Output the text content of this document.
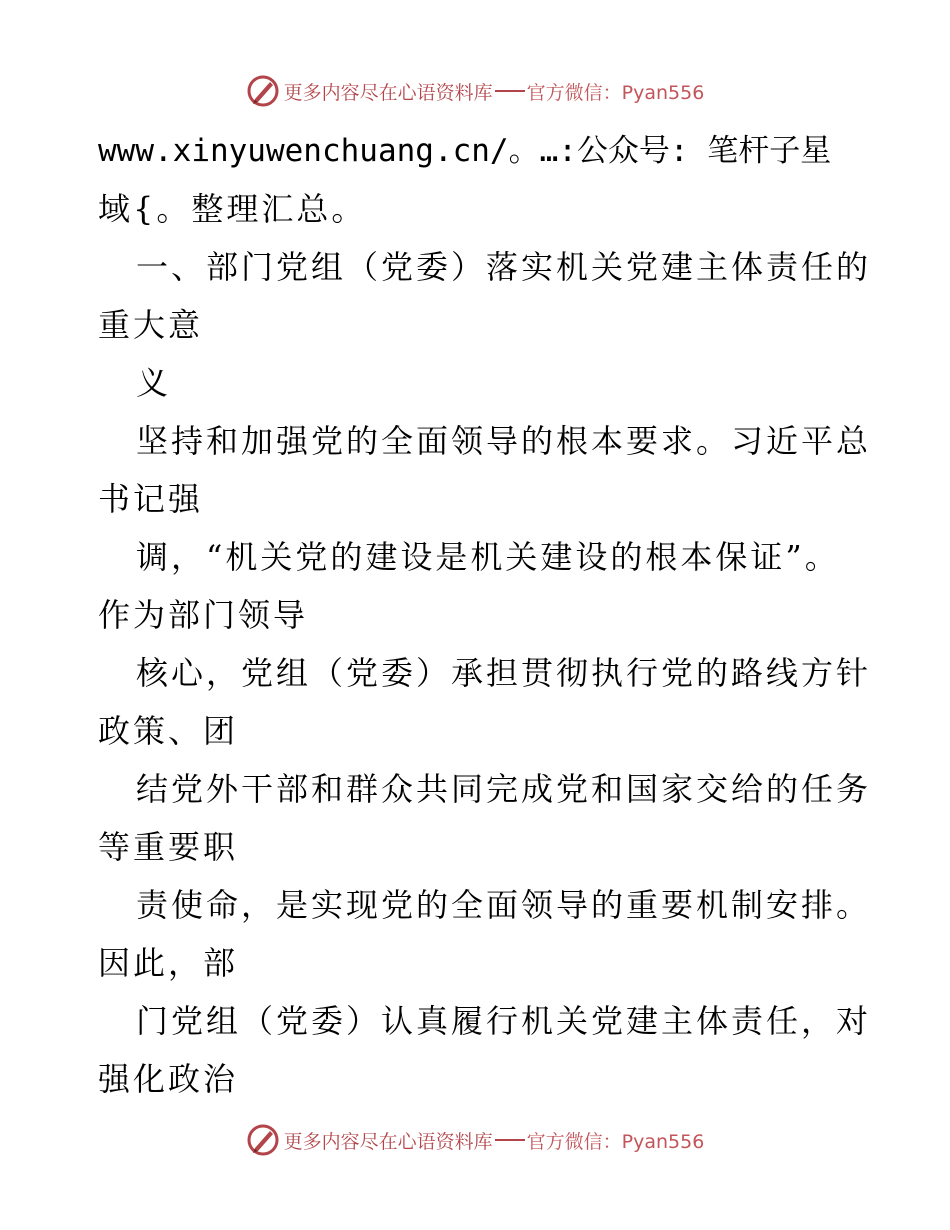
更多内容尽在心语资料库 官方微信：Pyan556
www.xinyuwenchuang.cn/。…:公众号: 笔杆子星
域{。整理汇总。
一、部门党组（党委）落实机关党建主体责任的
重大意
义
坚持和加强党的全面领导的根本要求。习近平总
书记强
调，“机关党的建设是机关建设的根本保证”。
作为部门领导
核心，党组（党委）承担贯彻执行党的路线方针
政策、团
结党外干部和群众共同完成党和国家交给的任务
等重要职
责使命，是实现党的全面领导的重要机制安排。
因此，部
门党组（党委）认真履行机关党建主体责任，对
强化政治
更多内容尽在心语资料库 官方微信：Pyan556
